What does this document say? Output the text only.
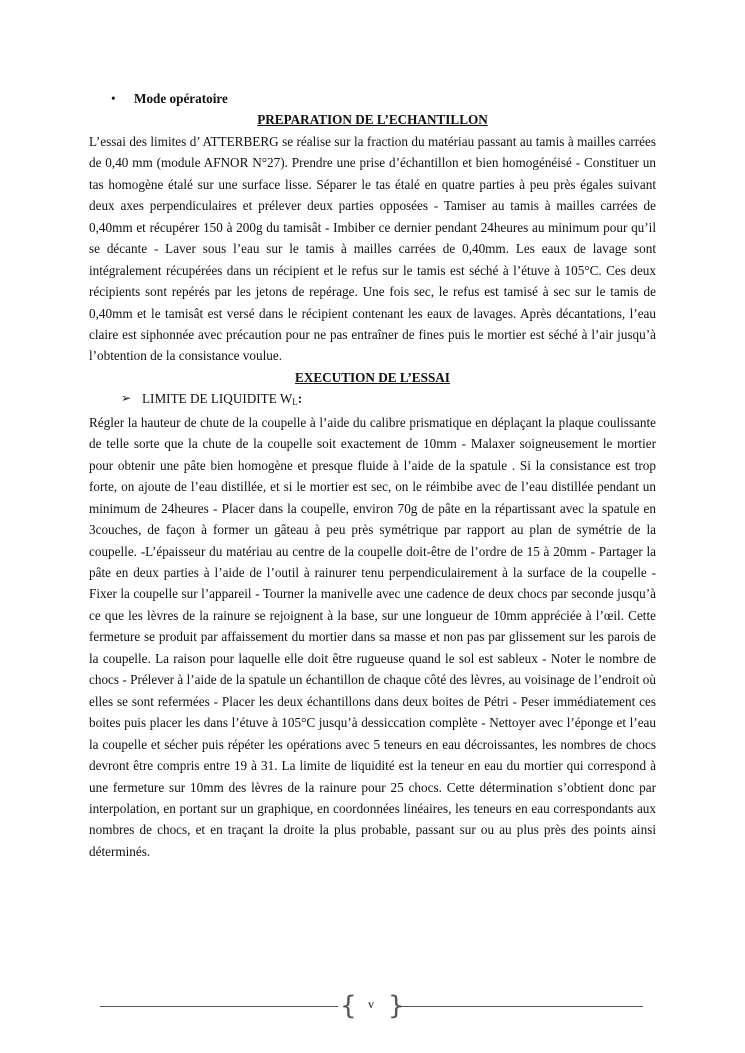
• Mode opératoire
PREPARATION DE L’ECHANTILLON

L’essai des limites d’ ATTERBERG se réalise sur la fraction du matériau passant au tamis à mailles carrées de 0,40 mm (module AFNOR N°27). Prendre une prise d’échantillon et bien homogénéisé - Constituer un tas homogène étalé sur une surface lisse. Séparer le tas étalé en quatre parties à peu près égales suivant deux axes perpendiculaires et prélever deux parties opposées - Tamiser au tamis à mailles carrées de 0,40mm et récupérer 150 à 200g du tamisât - Imbiber ce dernier pendant 24heures au minimum pour qu’il se décante - Laver sous l’eau sur le tamis à mailles carrées de 0,40mm. Les eaux de lavage sont intégralement récupérées dans un récipient et le refus sur le tamis est séché à l’étuve à 105°C. Ces deux récipients sont repérés par les jetons de repérage. Une fois sec, le refus est tamisé à sec sur le tamis de 0,40mm et le tamisât est versé dans le récipient contenant les eaux de lavages. Après décantations, l’eau claire est siphonnée avec précaution pour ne pas entraîner de fines puis le mortier est séché à l’air jusqu’à l’obtention de la consistance voulue.

EXECUTION DE L’ESSAI
➢ LIMITE DE LIQUIDITE WL:

Régler la hauteur de chute de la coupelle à l’aide du calibre prismatique en déplaçant la plaque coulissante de telle sorte que la chute de la coupelle soit exactement de 10mm - Malaxer soigneusement le mortier pour obtenir une pâte bien homogène et presque fluide à l’aide de la spatule . Si la consistance est trop forte, on ajoute de l’eau distillée, et si le mortier est sec, on le réimbibe avec de l’eau distillée pendant un minimum de 24heures - Placer dans la coupelle, environ 70g de pâte en la répartissant avec la spatule en 3couches, de façon à former un gâteau à peu près symétrique par rapport au plan de symétrie de la coupelle. -L’épaisseur du matériau au centre de la coupelle doit-être de l’ordre de 15 à 20mm - Partager la pâte en deux parties à l’aide de l’outil à rainurer tenu perpendiculairement à la surface de la coupelle - Fixer la coupelle sur l’appareil - Tourner la manivelle avec une cadence de deux chocs par seconde jusqu’à ce que les lèvres de la rainure se rejoignent à la base, sur une longueur de 10mm appréciée à l’œil. Cette fermeture se produit par affaissement du mortier dans sa masse et non pas par glissement sur les parois de la coupelle. La raison pour laquelle elle doit être rugueuse quand le sol est sableux - Noter le nombre de chocs - Prélever à l’aide de la spatule un échantillon de chaque côté des lèvres, au voisinage de l’endroit où elles se sont refermées - Placer les deux échantillons dans deux boites de Pétri - Peser immédiatement ces boites puis placer les dans l’étuve à 105°C jusqu’à dessiccation complète - Nettoyer avec l’éponge et l’eau la coupelle et sécher puis répéter les opérations avec 5 teneurs en eau décroissantes, les nombres de chocs devront être compris entre 19 à 31. La limite de liquidité est la teneur en eau du mortier qui correspond à une fermeture sur 10mm des lèvres de la rainure pour 25 chocs. Cette détermination s’obtient donc par interpolation, en portant sur un graphique, en coordonnées linéaires, les teneurs en eau correspondants aux nombres de chocs, et en traçant la droite la plus probable, passant sur ou au plus près des points ainsi déterminés.

{ v }
